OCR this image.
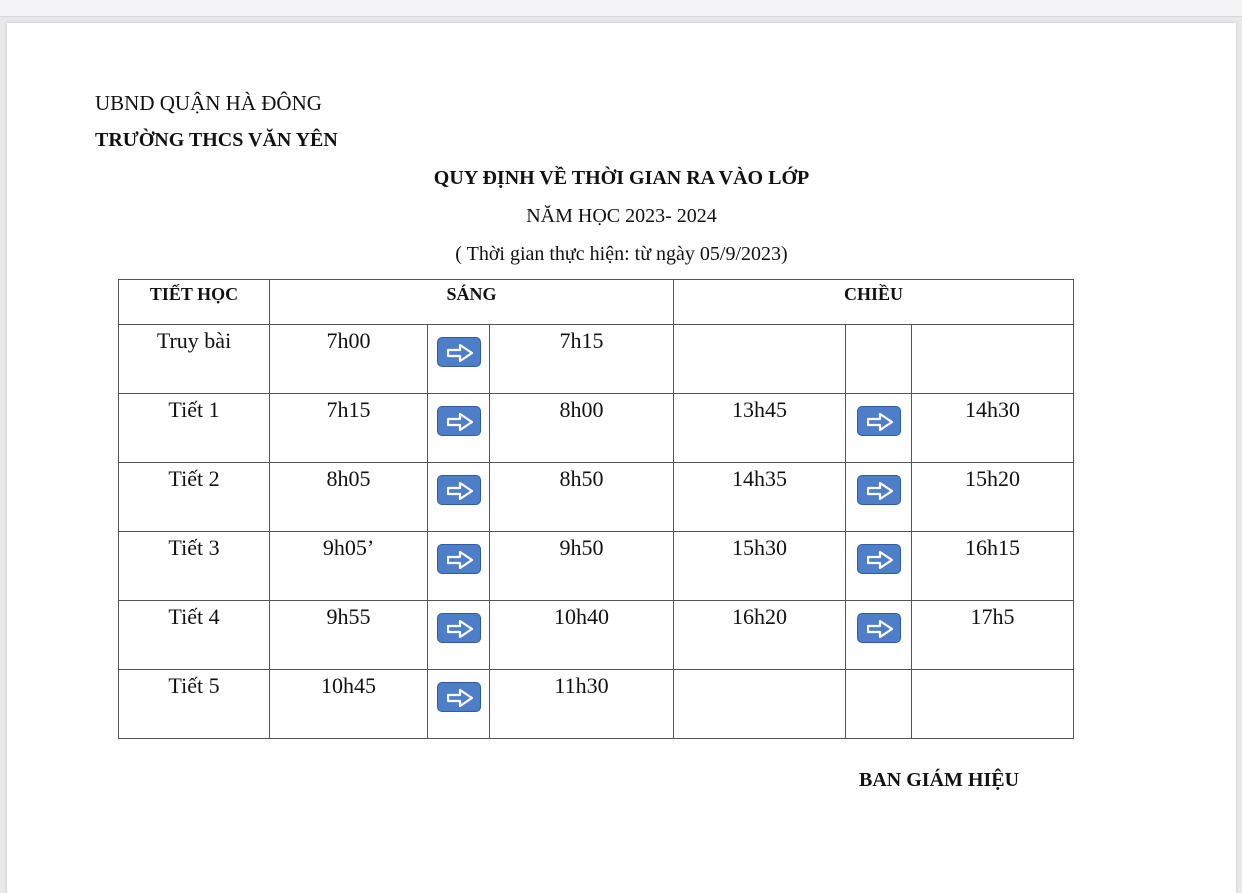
UBND QUẬN HÀ ĐÔNG
TRƯỜNG THCS VĂN YÊN
QUY ĐỊNH VỀ THỜI GIAN RA VÀO LỚP
NĂM HỌC 2023- 2024
( Thời gian thực hiện: từ ngày 05/9/2023)
TIẾT HỌC	SÁNG			CHIỀU		

Truy bài	7h00		7h15			

Tiết 1	7h15		8h00	13h45		14h30

Tiết 2	8h05		8h50	14h35		15h20

Tiết 3	9h05’		9h50	15h30		16h15

Tiết 4	9h55		10h40	16h20		17h5

Tiết 5	10h45		11h30			

BAN GIÁM HIỆU
